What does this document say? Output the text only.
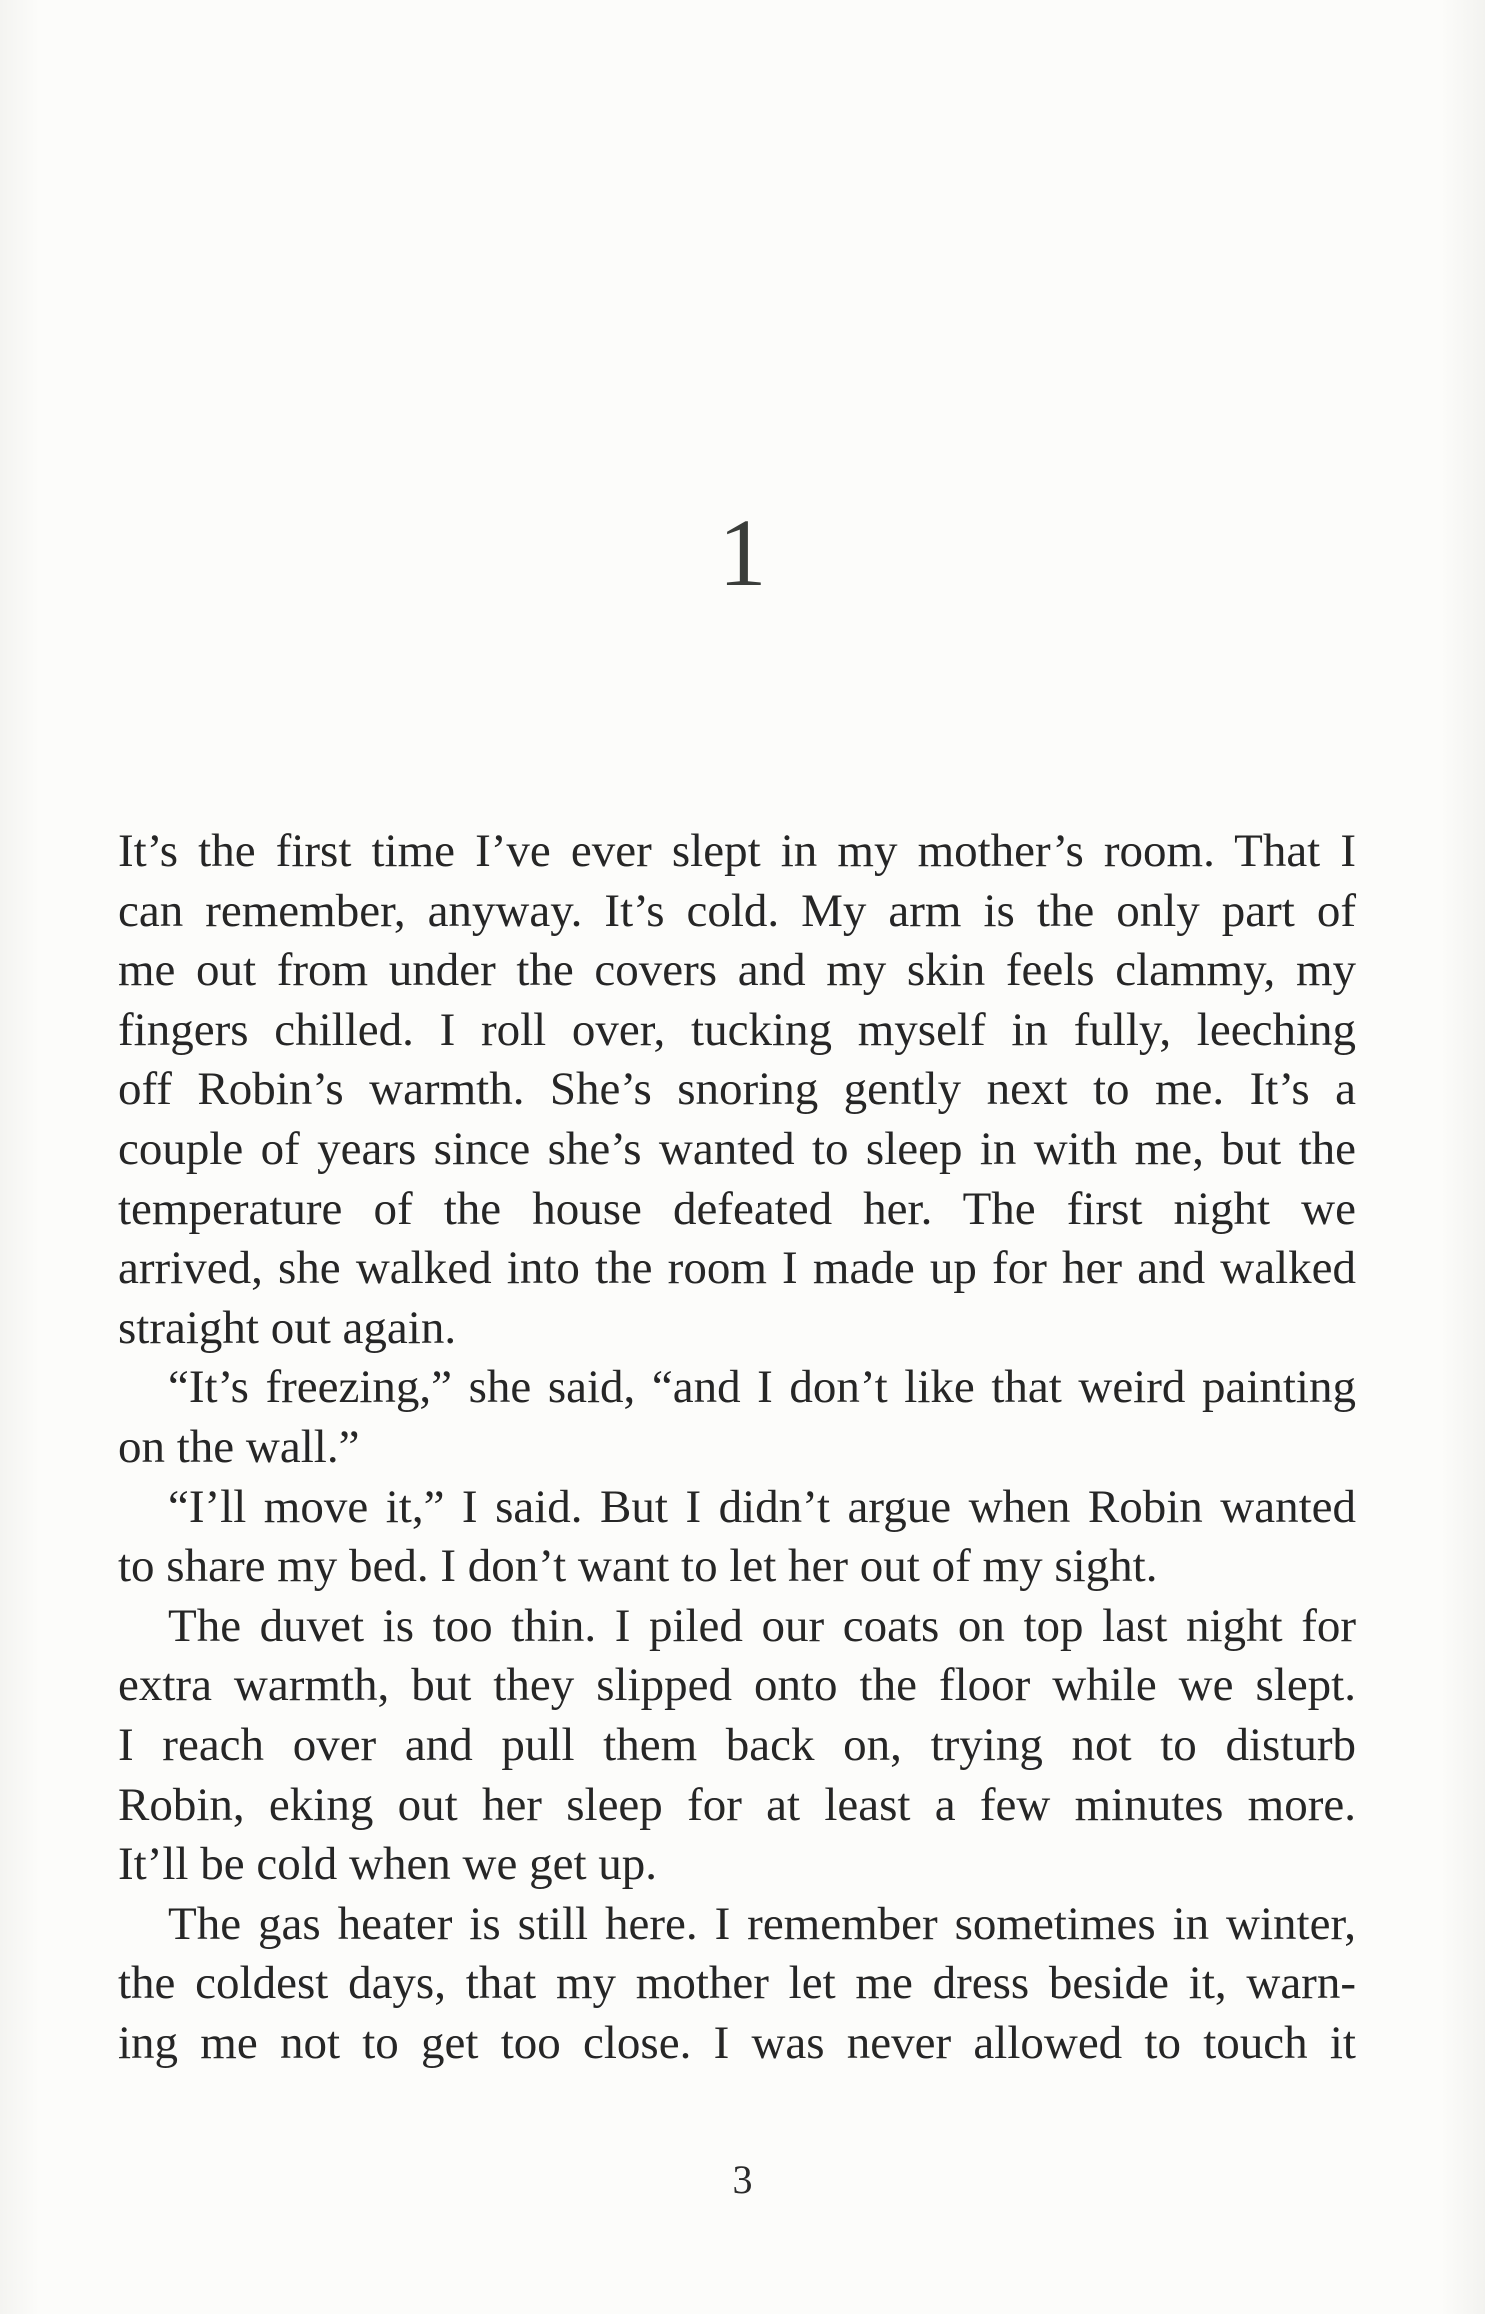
1

It’s the first time I’ve ever slept in my mother’s room. That I

can remember, anyway. It’s cold. My arm is the only part of

me out from under the covers and my skin feels clammy, my

fingers chilled. I roll over, tucking myself in fully, leeching

off Robin’s warmth. She’s snoring gently next to me. It’s a

couple of years since she’s wanted to sleep in with me, but the

temperature of the house defeated her. The first night we

arrived, she walked into the room I made up for her and walked

straight out again.

“It’s freezing,” she said, “and I don’t like that weird painting

on the wall.”

“I’ll move it,” I said. But I didn’t argue when Robin wanted

to share my bed. I don’t want to let her out of my sight.

The duvet is too thin. I piled our coats on top last night for

extra warmth, but they slipped onto the floor while we slept.

I reach over and pull them back on, trying not to disturb

Robin, eking out her sleep for at least a few minutes more.

It’ll be cold when we get up.

The gas heater is still here. I remember sometimes in winter,

the coldest days, that my mother let me dress beside it, warn-

ing me not to get too close. I was never allowed to touch it

3
